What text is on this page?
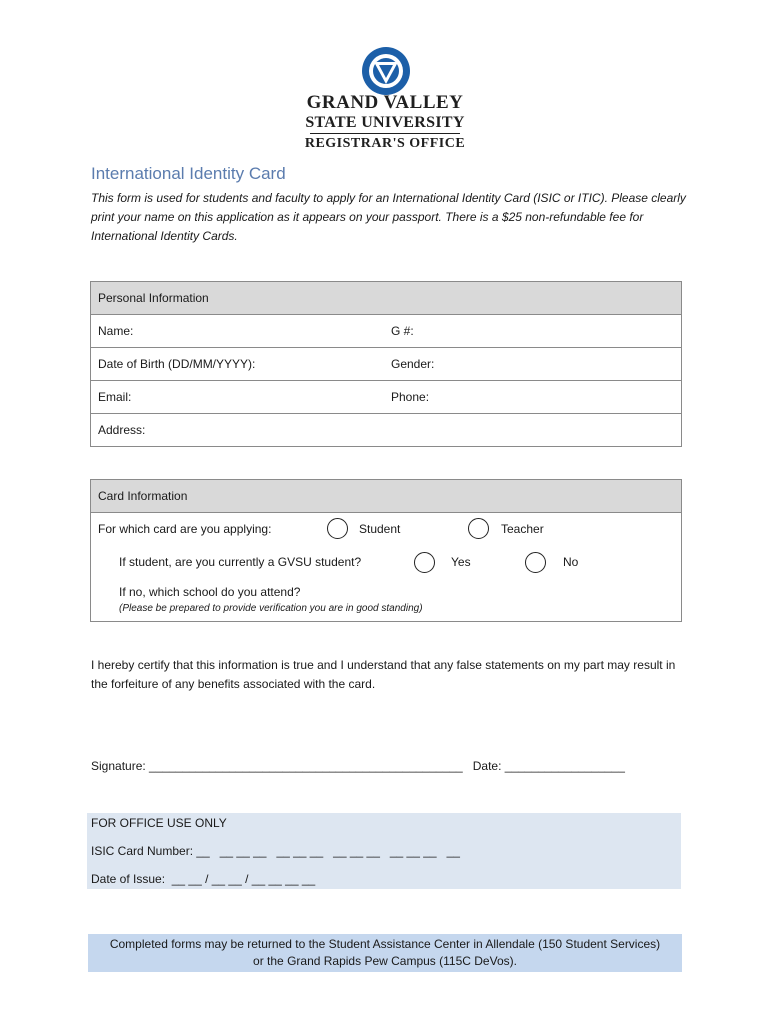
GRAND VALLEY
STATE UNIVERSITY
REGISTRAR'S OFFICE
International Identity Card
This form is used for students and faculty to apply for an International Identity Card (ISIC or ITIC). Please clearly print your name on this application as it appears on your passport. There is a $25 non-refundable fee for International Identity Cards.
Personal Information
Name:	G #:
Date of Birth (DD/MM/YYYY):	Gender:
Email:	Phone:
Address:
Card Information
For which card are you applying:	Student	Teacher
If student, are you currently a GVSU student?	Yes	No
If no, which school do you attend?
(Please be prepared to provide verification you are in good standing)
I hereby certify that this information is true and I understand that any false statements on my part may result in the forfeiture of any benefits associated with the card.
Signature: _______________________________________________ Date: __________________
FOR OFFICE USE ONLY
ISIC Card Number: __   __ __ __   __ __ __   __ __ __   __ __ __   __
Date of Issue: __ __ / __ __ / __ __ __ __
Completed forms may be returned to the Student Assistance Center in Allendale (150 Student Services)
or the Grand Rapids Pew Campus (115C DeVos).
